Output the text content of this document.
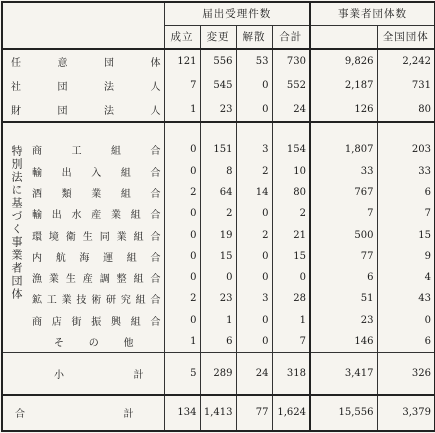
		届出受理件数				事業者団体数	
		成立	変更	解散	合計		全国団体
任意団体		121	556	53	730	9,826	2,242
社団法人		7	545	0	552	2,187	731
財団法人		1	23	0	24	126	80

特別法に基づく事業者団体	商工組合	0	151	3	154	1,807	203
	輸出入組合	0	8	2	10	33	33
	酒類業組合	2	64	14	80	767	6
	輸出水産業組合	0	2	0	2	7	7
	環境衛生同業組合	0	19	2	21	500	15
	内航海運組合	0	15	0	15	77	9
	漁業生産調整組合	0	0	0	0	6	4
	鉱工業技術研究組合	2	23	3	28	51	43
	商店街振興組合	0	1	0	1	23	0
	その他	1	6	0	7	146	6
	小計	5	289	24	318	3,417	326
合計		134	1,413	77	1,624	15,556	3,379
